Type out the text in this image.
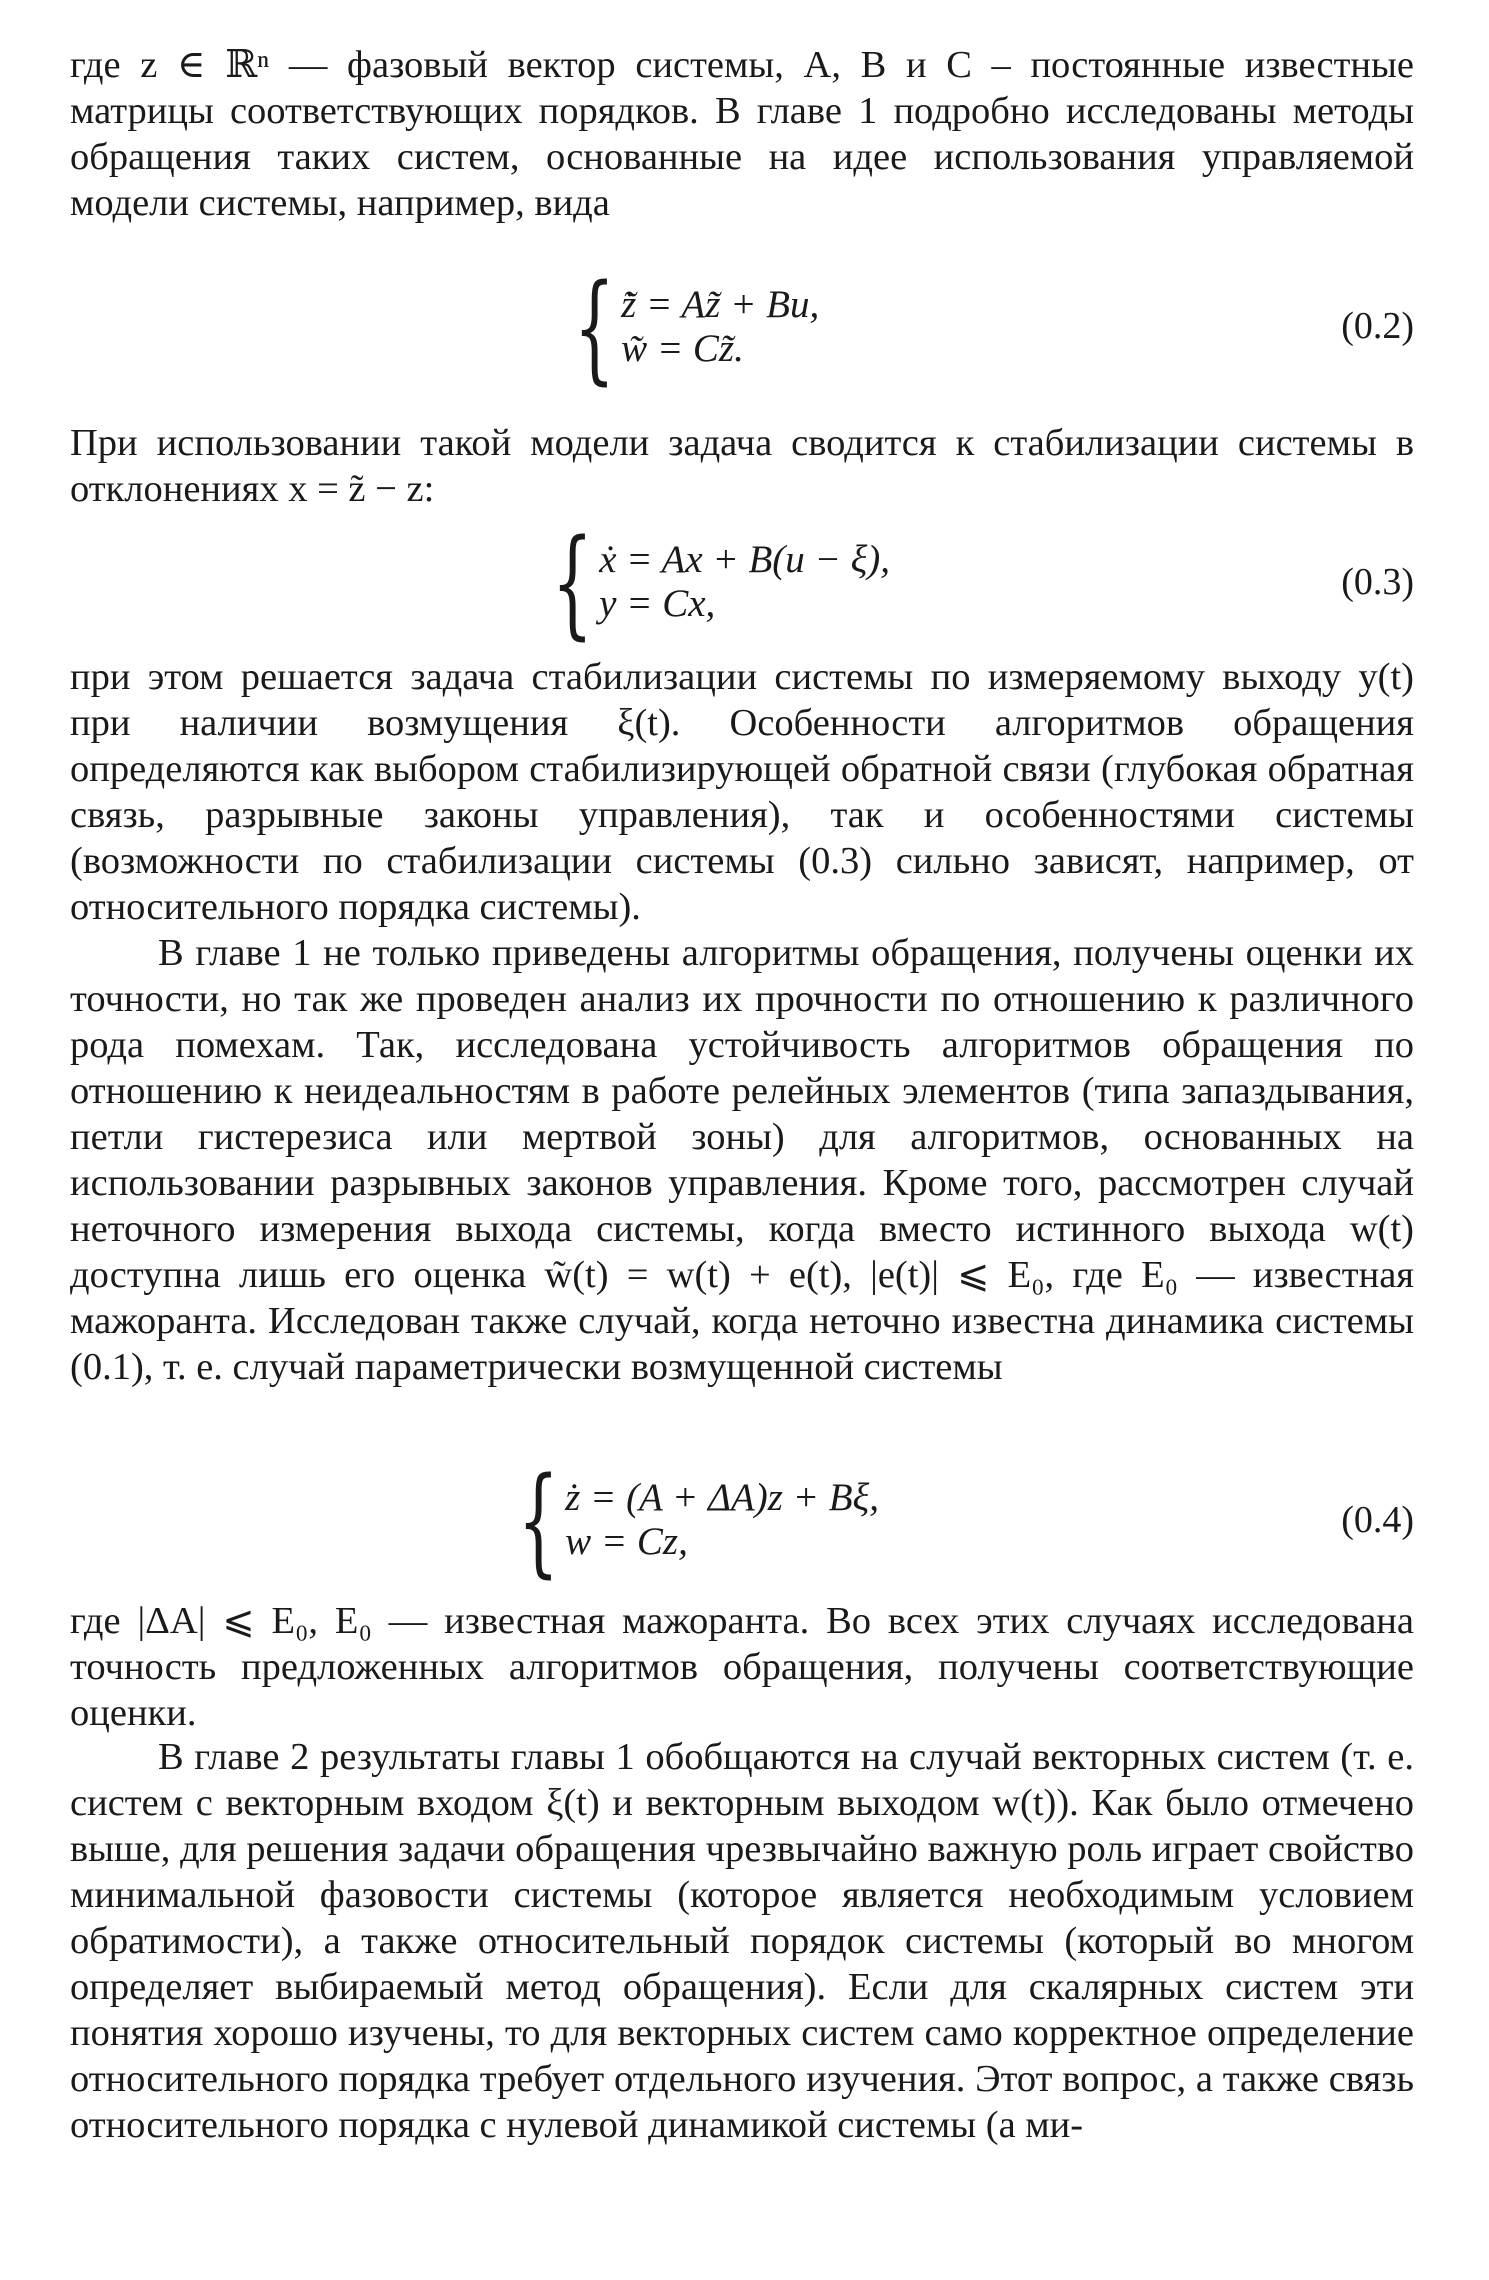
где z ∈ ℝⁿ — фазовый вектор системы, A, B и C – постоянные известные матрицы соответствующих порядков. В главе 1 подробно исследованы методы обращения таких систем, основанные на идее использования управляемой модели системы, например, вида

{ z̃̇ = Az̃ + Bu,
w̃ = Cz̃.
(0.2)

При использовании такой модели задача сводится к стабилизации системы в отклонениях x = z̃ − z:

{ ẋ = Ax + B(u − ξ),
y = Cx,	(0.3)

при этом решается задача стабилизации системы по измеряемому выходу y(t) при наличии возмущения ξ(t). Особенности алгоритмов обращения определяются как выбором стабилизирующей обратной связи (глубокая обратная связь, разрывные законы управления), так и особенностями системы (возможности по стабилизации системы (0.3) сильно зависят, например, от относительного порядка системы).

В главе 1 не только приведены алгоритмы обращения, получены оценки их точности, но так же проведен анализ их прочности по отношению к различного рода помехам. Так, исследована устойчивость алгоритмов обращения по отношению к неидеальностям в работе релейных элементов (типа запаздывания, петли гистерезиса или мертвой зоны) для алгоритмов, основанных на использовании разрывных законов управления. Кроме того, рассмотрен случай неточного измерения выхода системы, когда вместо истинного выхода w(t) доступна лишь его оценка w̃(t) = w(t) + e(t), |e(t)| ⩽ E₀, где E₀ — известная мажоранта. Исследован также случай, когда неточно известна динамика системы (0.1), т. е. случай параметрически возмущенной системы

{ ż = (A + ΔA)z + Bξ,
w = Cz,	(0.4)

где |ΔA| ⩽ E₀, E₀ — известная мажоранта. Во всех этих случаях исследована точность предложенных алгоритмов обращения, получены соответствующие оценки.

В главе 2 результаты главы 1 обобщаются на случай векторных систем (т. е. систем с векторным входом ξ(t) и векторным выходом w(t)). Как было отмечено выше, для решения задачи обращения чрезвычайно важную роль играет свойство минимальной фазовости системы (которое является необходимым условием обратимости), а также относительный порядок системы (который во многом определяет выбираемый метод обращения). Если для скалярных систем эти понятия хорошо изучены, то для векторных систем само корректное определение относительного порядка требует отдельного изучения. Этот вопрос, а также связь относительного порядка с нулевой динамикой системы (а ми-
